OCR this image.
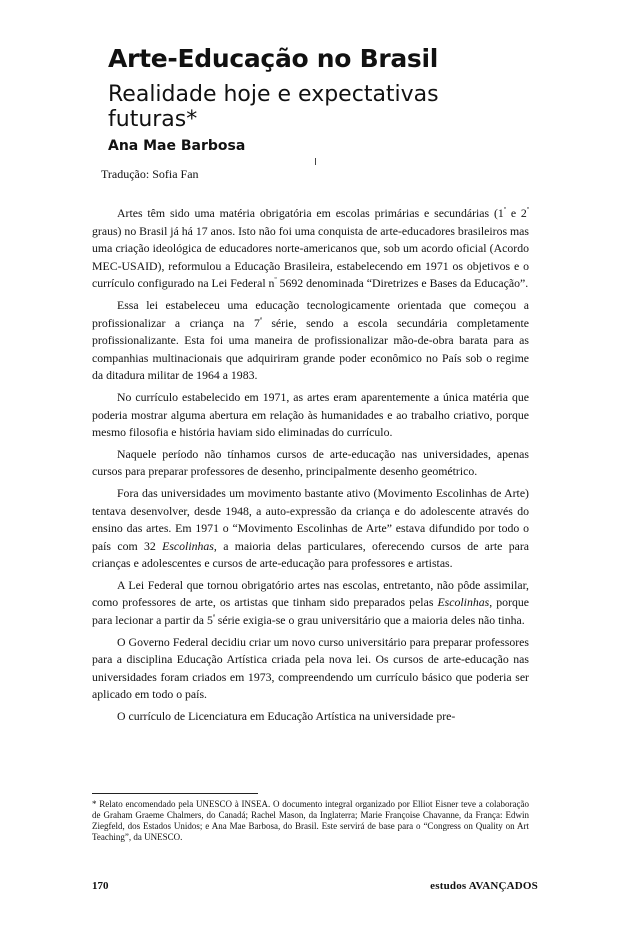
Arte-Educação no Brasil
Realidade hoje e expectativas futuras*
Ana Mae Barbosa
Tradução: Sofia Fan

Artes têm sido uma matéria obrigatória em escolas primárias e secundárias ($1^º$ e $2^º$ graus) no Brasil já há 17 anos. Isto não foi uma conquista de arte-educadores brasileiros mas uma criação ideológica de educadores norte-americanos que, sob um acordo oficial (Acordo MEC-USAID), reformulou a Educação Brasileira, estabelecendo em 1971 os objetivos e o currículo configurado na Lei Federal $n^º$ 5692 denominada “Diretrizes e Bases da Educação”.

Essa lei estabeleceu uma educação tecnologicamente orientada que começou a profissionalizar a criança na $7^ª$ série, sendo a escola secundária completamente profissionalizante. Esta foi uma maneira de profissionalizar mão-de-obra barata para as companhias multinacionais que adquiriram grande poder econômico no País sob o regime da ditadura militar de 1964 a 1983.

No currículo estabelecido em 1971, as artes eram aparentemente a única matéria que poderia mostrar alguma abertura em relação às humanidades e ao trabalho criativo, porque mesmo filosofia e história haviam sido eliminadas do currículo.

Naquele período não tínhamos cursos de arte-educação nas universidades, apenas cursos para preparar professores de desenho, principalmente desenho geométrico.

Fora das universidades um movimento bastante ativo (Movimento Escolinhas de Arte) tentava desenvolver, desde 1948, a auto-expressão da criança e do adolescente através do ensino das artes. Em 1971 o “Movimento Escolinhas de Arte” estava difundido por todo o país com 32 Escolinhas, a maioria delas particulares, oferecendo cursos de arte para crianças e adolescentes e cursos de arte-educação para professores e artistas.

A Lei Federal que tornou obrigatório artes nas escolas, entretanto, não pôde assimilar, como professores de arte, os artistas que tinham sido preparados pelas Escolinhas, porque para lecionar a partir da $5^ª$ série exigia-se o grau universitário que a maioria deles não tinha.

O Governo Federal decidiu criar um novo curso universitário para preparar professores para a disciplina Educação Artística criada pela nova lei. Os cursos de arte-educação nas universidades foram criados em 1973, compreendendo um currículo básico que poderia ser aplicado em todo o país.

O currículo de Licenciatura em Educação Artística na universidade pre-

* Relato encomendado pela UNESCO à INSEA. O documento integral organizado por Elliot Eisner teve a colaboração de Graham Graeme Chalmers, do Canadá; Rachel Mason, da Inglaterra; Marie Françoise Chavanne, da França: Edwin Ziegfeld, dos Estados Unidos; e Ana Mae Barbosa, do Brasil. Este servirá de base para o “Congress on Quality on Art Teaching”, da UNESCO.

170	estudos AVANÇADOS
